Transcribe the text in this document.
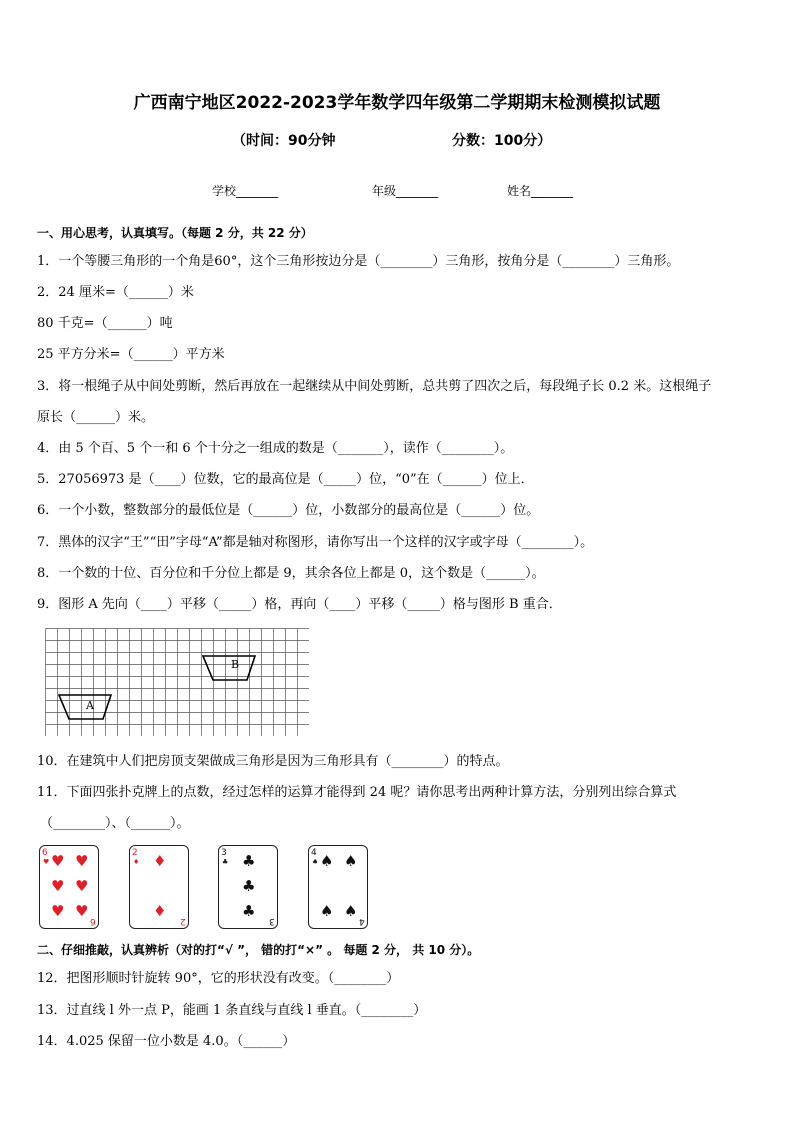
广西南宁地区2022-2023学年数学四年级第二学期期末检测模拟试题
（时间：90分钟	分数：100分）
学校_______	年级_______	姓名_______
一、用心思考，认真填写。（每题 2 分，共 22 分）
1．一个等腰三角形的一个角是60°，这个三角形按边分是（________）三角形，按角分是（________）三角形。
2．24 厘米=（______）米
80 千克=（______）吨
25 平方分米=（______）平方米
3．将一根绳子从中间处剪断，然后再放在一起继续从中间处剪断，总共剪了四次之后，每段绳子长 0.2 米。这根绳子
原长（______）米。
4．由 5 个百、5 个一和 6 个十分之一组成的数是（_______），读作（________）。
5．27056973 是（____）位数，它的最高位是（_____）位，“0”在（______）位上．
6．一个小数，整数部分的最低位是（______）位，小数部分的最高位是（______）位。
7．黑体的汉字“王”“田”字母“A”都是轴对称图形，请你写出一个这样的汉字或字母（________）。
8．一个数的十位、百分位和千分位上都是 9，其余各位上都是 0，这个数是（______）。
9．图形 A 先向（____）平移（_____）格，再向（____）平移（_____）格与图形 B 重合．
A
B
10．在建筑中人们把房顶支架做成三角形是因为三角形具有（________）的特点。
11．下面四张扑克牌上的点数，经过怎样的运算才能得到 24 呢？请你思考出两种计算方法，分别列出综合算式
（________）、（______）。
6
♥ ♥ ♥
♥ ♥
♥ ♥
6
2
♦ ♦
♦
2
3
♣ ♣
♣
♣
3
4
♠ ♠ ♠
♠ ♠
4
二、仔细推敲，认真辨析（对的打“√ ”， 错的打“×” 。 每题 2 分， 共 10 分）。
12．把图形顺时针旋转 90°，它的形状没有改变。（________）
13．过直线 l 外一点 P，能画 1 条直线与直线 l 垂直。（________）
14．4.025 保留一位小数是 4.0。（______）
